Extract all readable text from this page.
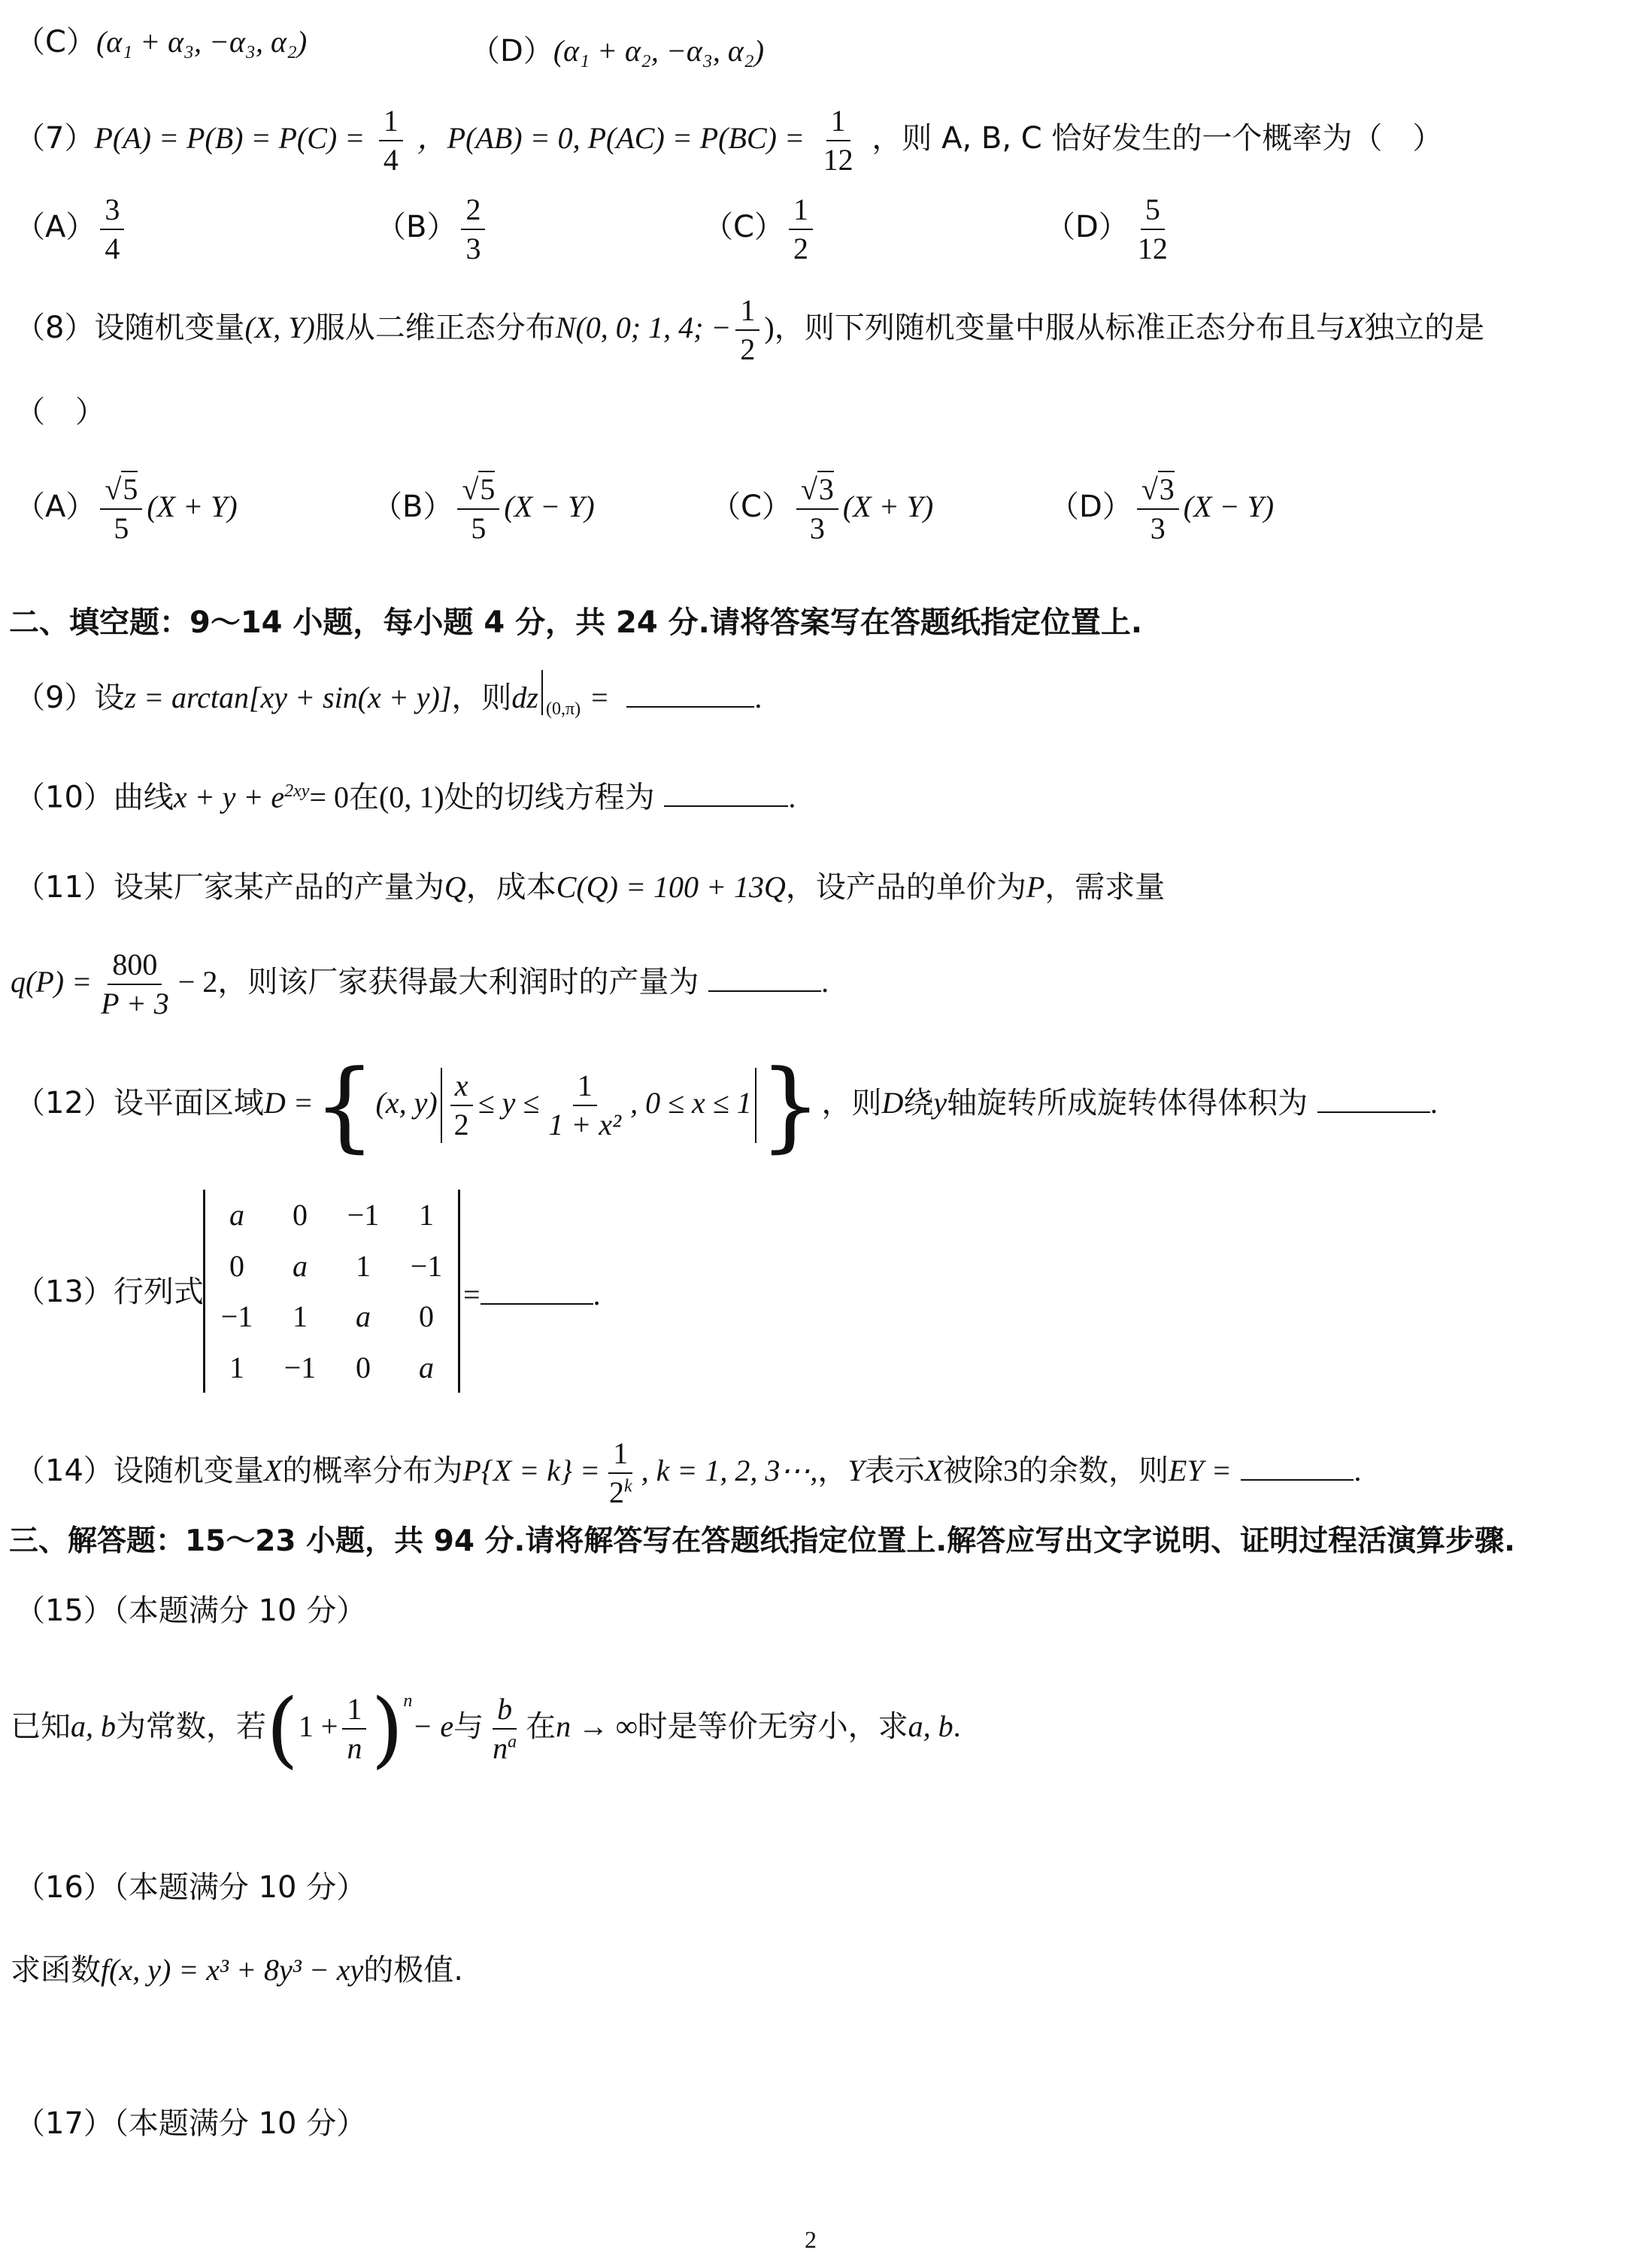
（C）(α₁ + α₃, −α₃, α₂)	（D）(α₁ + α₂, −α₃, α₂)
$(7)P(A) = P(B) = P(C) = \frac{1}{4}$ ，P(AB) = 0, $P(AC) = P(BC) = \frac{1}{12}$ ，则 A, B, C 恰好发生的一个概率为（　）
$(A) \frac{3}{4}$	$(B) \frac{2}{3}$	$(C) \frac{1}{2}$	$(D) \frac{5}{12}$
（8）设随机变量(X, Y)服从二维正态分布N(0, 0; 1, 4; − $\frac{1}{2}$ )，则下列随机变量中服从标准正态分布且与X独立的是
（　）
$(A) \frac{√5}{5} (X + Y)$	$(B) \frac{√5}{5} (X - Y)$	$(C) \frac{√3}{3} (X + Y)$	$(D) \frac{√3}{3} (X - Y)$
二、填空题：9～14 小题，每小题 4 分，共 24 分.请将答案写在答题纸指定位置上.
（9）设z = arctan[xy + sin(x + y)]，则dz $_{(0,\pi)}$ =	.
（10）曲线$x + y + e^{2xy}= 0$在(0, 1)处的切线方程为	.
（11）设某厂家某产品的产量为Q，成本C(Q) = 100 + 13Q，设产品的单价为P，需求量
$q(P) = \frac{800}{P + 3} - 2$，则该厂家获得最大利润时的产量为	.
（12）设平面区域D ={(x, $y) \frac{x}{2} \le y \le \frac{1}{\text{1 + x²}}$ , 0 ≤ x ≤ 1}，则D绕y轴旋转所成旋转体得体积为	.
（13）行列式
a	0	−1	1
0	a	1	−1
−1	1	a	0
1	−1	0	a
=	.
（14）设随机变量X的概率分布为$P\{X = k\} = \frac{1}{2^k}$ , k = 1, 2, 3⋯,，Y表示X被除3的余数，则EY =	.
三、解答题：15～23 小题，共 94 分.请将解答写在答题纸指定位置上.解答应写出文字说明、证明过程活演算步骤.
（15）（本题满分 10 分）
已知a, b为常数，若$(1 + \frac{1}{n} )^n- e$与 $\frac{b}{n^a}$ 在n → ∞时是等价无穷小，求a, b.
（16）（本题满分 10 分）
求函数f(x, y) = x³ + 8y³ − xy的极值.
（17）（本题满分 10 分）
2
